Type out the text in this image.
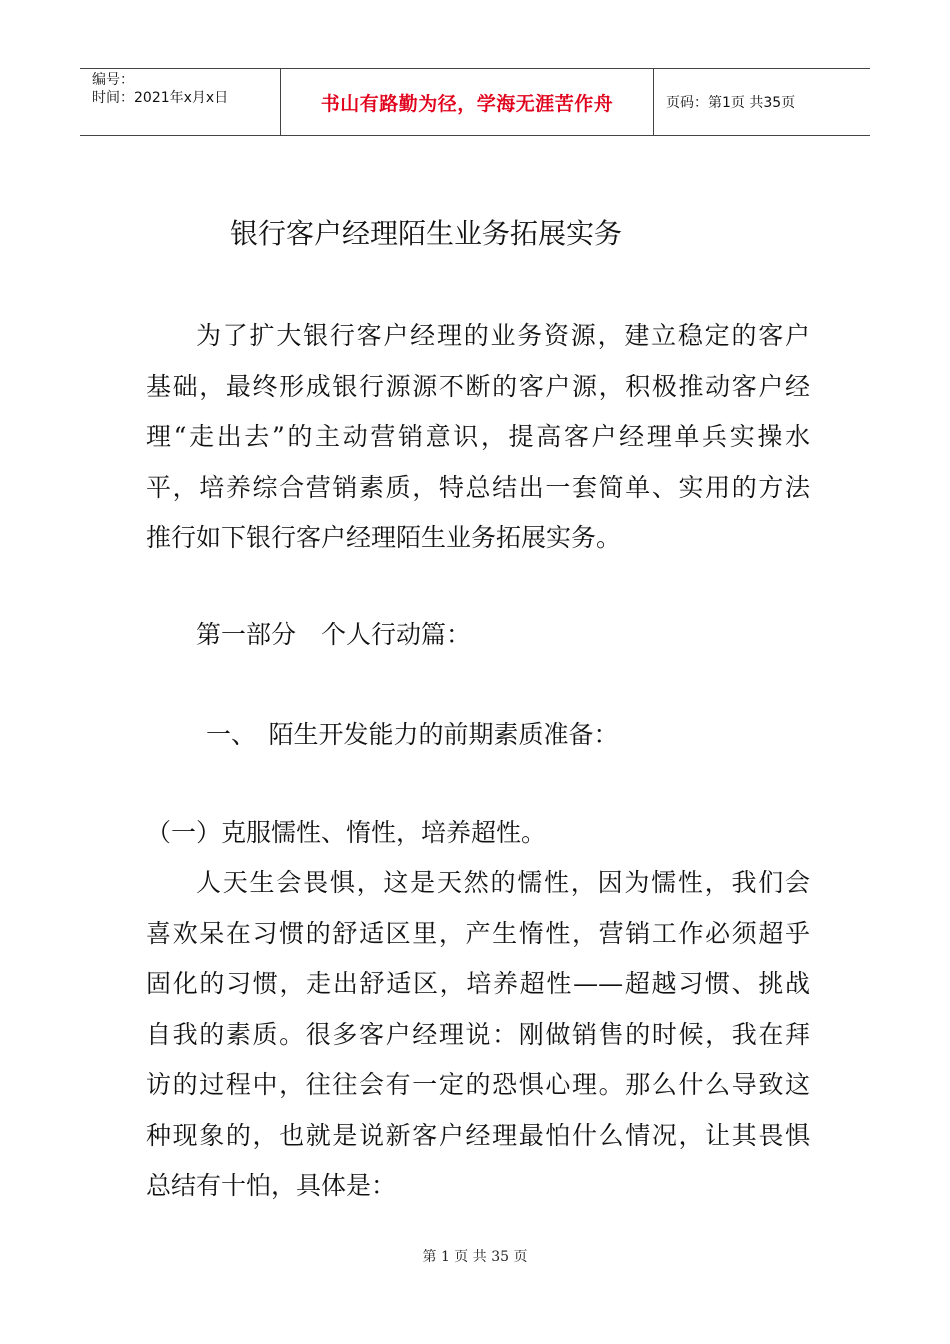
编号：
时间：2021年x月x日	书山有路勤为径，学海无涯苦作舟	页码：第1页 共35页
银行客户经理陌生业务拓展实务
为了扩大银行客户经理的业务资源，建立稳定的客户
基础，最终形成银行源源不断的客户源，积极推动客户经
理“走出去”的主动营销意识，提高客户经理单兵实操水
平，培养综合营销素质，特总结出一套简单、实用的方法
推行如下银行客户经理陌生业务拓展实务。
第一部分　个人行动篇：
一、　陌生开发能力的前期素质准备：
（一）克服懦性、惰性，培养超性。
人天生会畏惧，这是天然的懦性，因为懦性，我们会
喜欢呆在习惯的舒适区里，产生惰性，营销工作必须超乎
固化的习惯，走出舒适区，培养超性——超越习惯、挑战
自我的素质。很多客户经理说：刚做销售的时候，我在拜
访的过程中，往往会有一定的恐惧心理。那么什么导致这
种现象的，也就是说新客户经理最怕什么情况，让其畏惧
总结有十怕，具体是：
第 1 页 共 35 页
